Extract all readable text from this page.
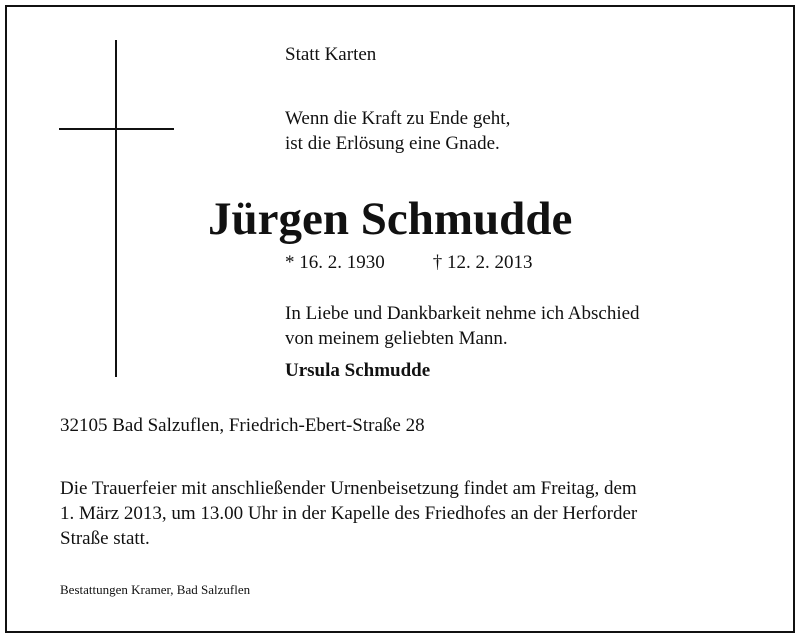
Statt Karten

Wenn die Kraft zu Ende geht,
ist die Erlösung eine Gnade.
Jürgen Schmudde
* 16. 2. 1930	† 12. 2. 2013
In Liebe und Dankbarkeit nehme ich Abschied
von meinem geliebten Mann.

Ursula Schmudde

32105 Bad Salzuflen, Friedrich-Ebert-Straße 28

Die Trauerfeier mit anschließender Urnenbeisetzung findet am Freitag, dem
1. März 2013, um 13.00 Uhr in der Kapelle des Friedhofes an der Herforder
Straße statt.

Bestattungen Kramer, Bad Salzuflen
